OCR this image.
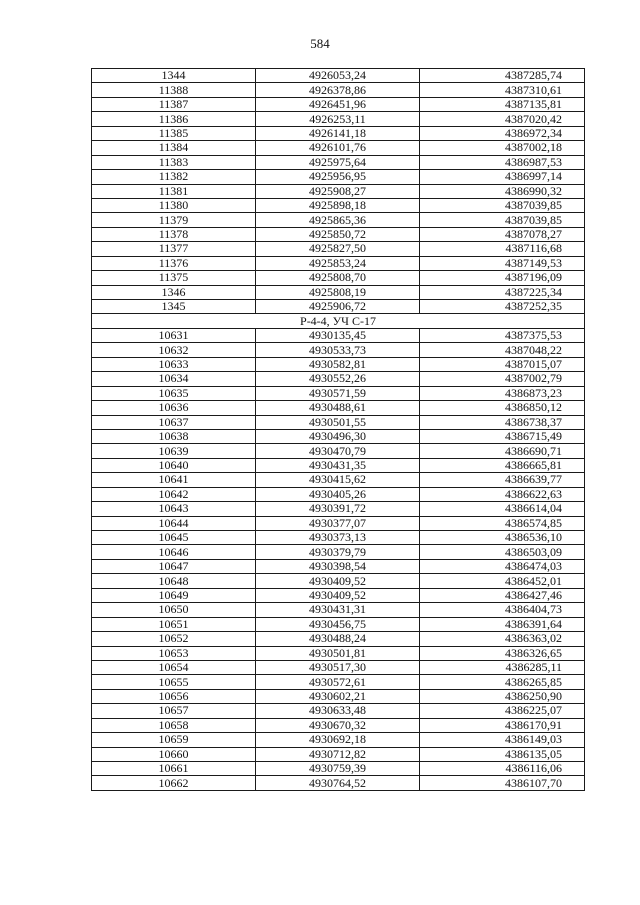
584
1344	4926053,24	4387285,74
11388	4926378,86	4387310,61
11387	4926451,96	4387135,81
11386	4926253,11	4387020,42
11385	4926141,18	4386972,34
11384	4926101,76	4387002,18
11383	4925975,64	4386987,53
11382	4925956,95	4386997,14
11381	4925908,27	4386990,32
11380	4925898,18	4387039,85
11379	4925865,36	4387039,85
11378	4925850,72	4387078,27
11377	4925827,50	4387116,68
11376	4925853,24	4387149,53
11375	4925808,70	4387196,09
1346	4925808,19	4387225,34
1345	4925906,72	4387252,35
Р-4-4, УЧ С-17		
10631	4930135,45	4387375,53
10632	4930533,73	4387048,22
10633	4930582,81	4387015,07
10634	4930552,26	4387002,79
10635	4930571,59	4386873,23
10636	4930488,61	4386850,12
10637	4930501,55	4386738,37
10638	4930496,30	4386715,49
10639	4930470,79	4386690,71
10640	4930431,35	4386665,81
10641	4930415,62	4386639,77
10642	4930405,26	4386622,63
10643	4930391,72	4386614,04
10644	4930377,07	4386574,85
10645	4930373,13	4386536,10
10646	4930379,79	4386503,09
10647	4930398,54	4386474,03
10648	4930409,52	4386452,01
10649	4930409,52	4386427,46
10650	4930431,31	4386404,73
10651	4930456,75	4386391,64
10652	4930488,24	4386363,02
10653	4930501,81	4386326,65
10654	4930517,30	4386285,11
10655	4930572,61	4386265,85
10656	4930602,21	4386250,90
10657	4930633,48	4386225,07
10658	4930670,32	4386170,91
10659	4930692,18	4386149,03
10660	4930712,82	4386135,05
10661	4930759,39	4386116,06
10662	4930764,52	4386107,70
